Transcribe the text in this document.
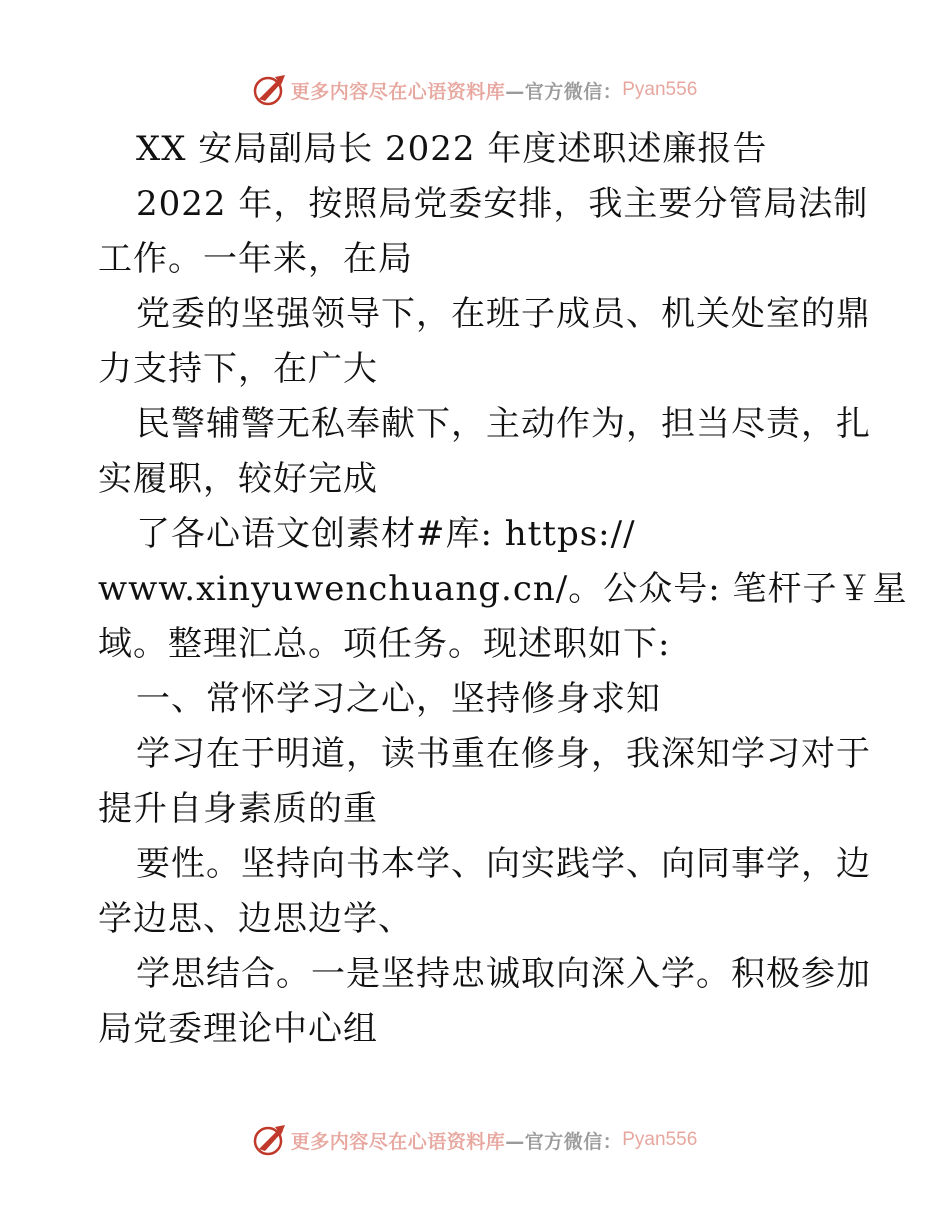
更多内容尽在心语资料库 —官方微信： Pyan556
XX 安局副局长 2022 年度述职述廉报告
2022 年，按照局党委安排，我主要分管局法制
工作。一年来，在局
党委的坚强领导下，在班子成员、机关处室的鼎
力支持下，在广大
民警辅警无私奉献下，主动作为，担当尽责，扎
实履职，较好完成
了各心语文创素材#库: https://
www.xinyuwenchuang.cn/。公众号: 笔杆子￥星
域。整理汇总。项任务。现述职如下:
一、常怀学习之心，坚持修身求知
学习在于明道，读书重在修身，我深知学习对于
提升自身素质的重
要性。坚持向书本学、向实践学、向同事学，边
学边思、边思边学、
学思结合。一是坚持忠诚取向深入学。积极参加
局党委理论中心组
更多内容尽在心语资料库 —官方微信： Pyan556
